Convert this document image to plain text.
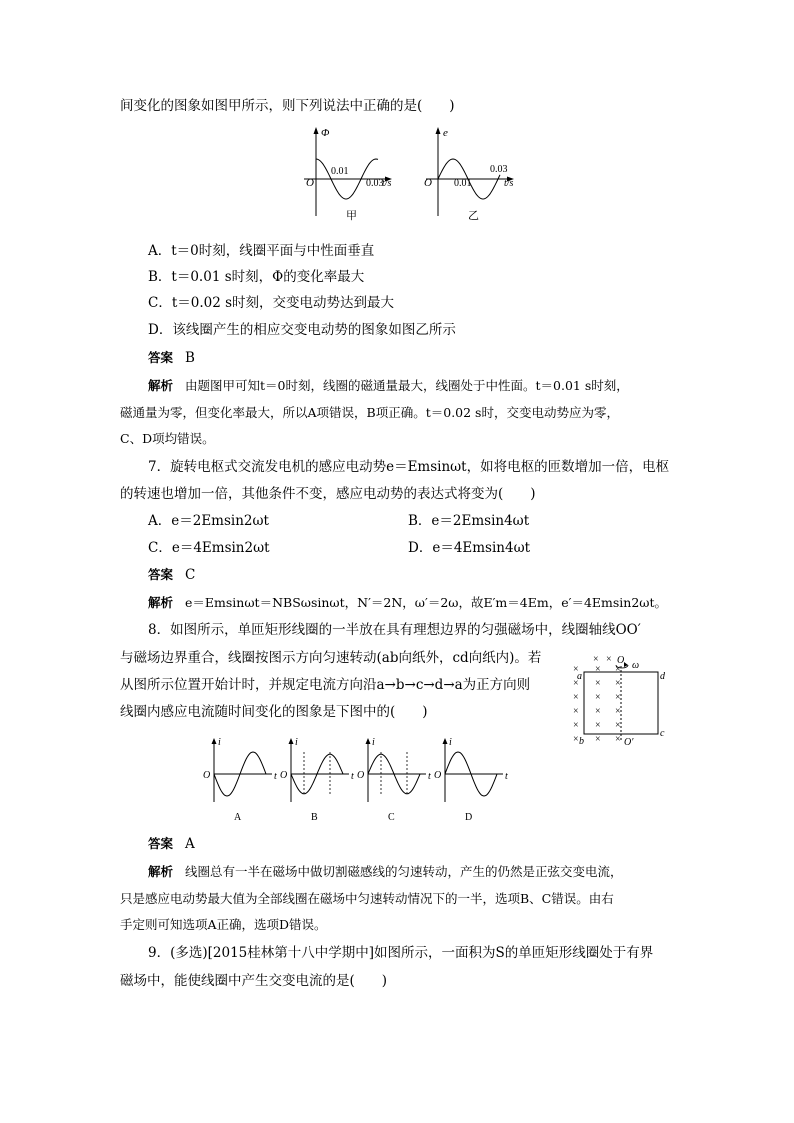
间变化的图象如图甲所示，则下列说法中正确的是(　　)
Φ
O
0.01
0.03
t/s
甲
e
O 0.01
0.03
t/s
乙
A．t＝0时刻，线圈平面与中性面垂直
B．t＝0.01 s时刻，Φ的变化率最大
C．t＝0.02 s时刻，交变电动势达到最大
D．该线圈产生的相应交变电动势的图象如图乙所示
答案 B
解析 由题图甲可知t＝0时刻，线圈的磁通量最大，线圈处于中性面。t＝0.01 s时刻，
磁通量为零，但变化率最大，所以A项错误，B项正确。t＝0.02 s时，交变电动势应为零，
C、D项均错误。
7．旋转电枢式交流发电机的感应电动势e＝Emsinωt，如将电枢的匝数增加一倍，电枢
的转速也增加一倍，其他条件不变，感应电动势的表达式将变为(　　)
A．e＝2Emsin2ωt	B．e＝2Emsin4ωt
C．e＝4Emsin2ωt	D．e＝4Emsin4ωt
答案 C
解析 e＝Emsinωt＝NBSωsinωt，N′＝2N，ω′＝2ω，故E′m＝4Em，e′＝4Emsin2ωt。
8．如图所示，单匝矩形线圈的一半放在具有理想边界的匀强磁场中，线圈轴线OO′
与磁场边界重合，线圈按图示方向匀速转动(ab向纸外，cd向纸内)。若
从图所示位置开始计时，并规定电流方向沿a→b→c→d→a为正方向则
线圈内感应电流随时间变化的图象是下图中的(　　)
× × ×
× × ×
× × ×
× × ×
× × ×
× × ×
× × O ω
a	d
b
c
O′
i
O	t
A
i
O	t
B
i
O	t
C
i
O	t
D
答案 A
解析 线圈总有一半在磁场中做切割磁感线的匀速转动，产生的仍然是正弦交变电流，
只是感应电动势最大值为全部线圈在磁场中匀速转动情况下的一半，选项B、C错误。由右
手定则可知选项A正确，选项D错误。
9．(多选)[2015桂林第十八中学期中]如图所示，一面积为S的单匝矩形线圈处于有界
磁场中，能使线圈中产生交变电流的是(　　)
